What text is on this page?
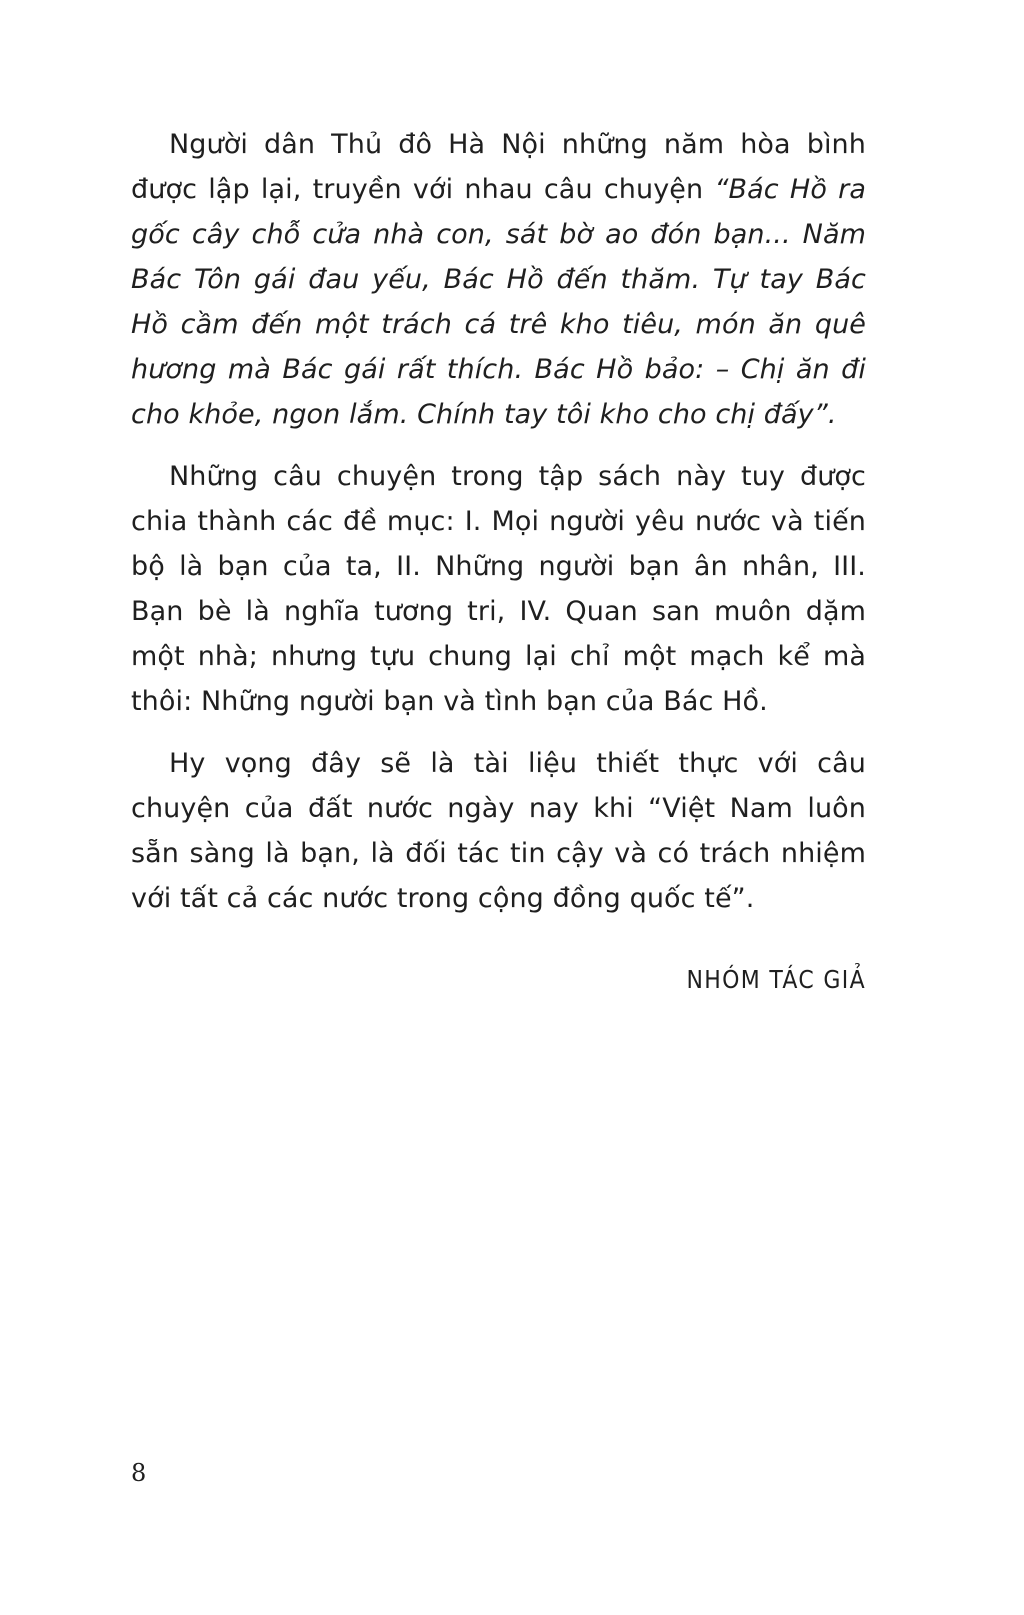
Người dân Thủ đô Hà Nội những năm hòa bình được lập lại, truyền với nhau câu chuyện “Bác Hồ ra gốc cây chỗ cửa nhà con, sát bờ ao đón bạn... Năm Bác Tôn gái đau yếu, Bác Hồ đến thăm. Tự tay Bác Hồ cầm đến một trách cá trê kho tiêu, món ăn quê hương mà Bác gái rất thích. Bác Hồ bảo: – Chị ăn đi cho khỏe, ngon lắm. Chính tay tôi kho cho chị đấy”.

Những câu chuyện trong tập sách này tuy được chia thành các đề mục: I. Mọi người yêu nước và tiến bộ là bạn của ta, II. Những người bạn ân nhân, III. Bạn bè là nghĩa tương tri, IV. Quan san muôn dặm một nhà; nhưng tựu chung lại chỉ một mạch kể mà thôi: Những người bạn và tình bạn của Bác Hồ.

Hy vọng đây sẽ là tài liệu thiết thực với câu chuyện của đất nước ngày nay khi “Việt Nam luôn sẵn sàng là bạn, là đối tác tin cậy và có trách nhiệm với tất cả các nước trong cộng đồng quốc tế”.

NHÓM TÁC GIẢ
8
